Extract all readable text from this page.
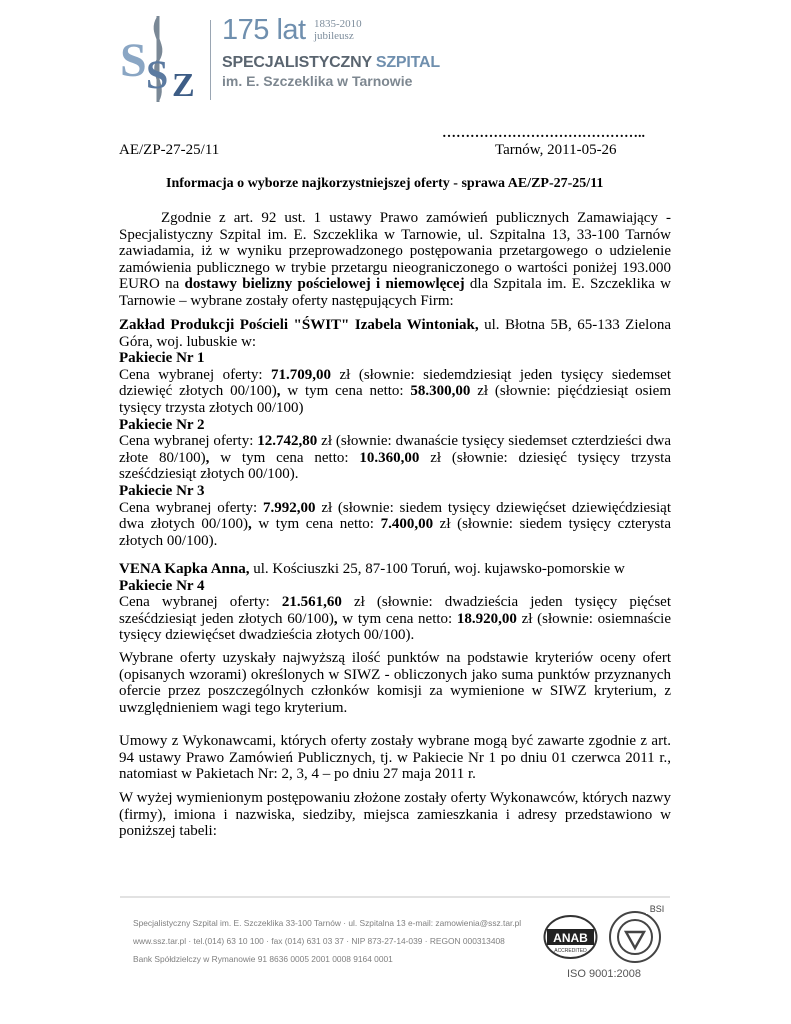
S S Z
175 lat 1835-2010
jubileusz
SPECJALISTYCZNY SZPITAL
im. E. Szczeklika w Tarnowie
……………………………………..
AE/ZP-27-25/11	Tarnów, 2011-05-26
Informacja o wyborze najkorzystniejszej oferty - sprawa AE/ZP-27-25/11
Zgodnie z art. 92 ust. 1 ustawy Prawo zamówień publicznych Zamawiający - Specjalistyczny Szpital im. E. Szczeklika w Tarnowie, ul. Szpitalna 13, 33-100 Tarnów zawiadamia, iż w wyniku przeprowadzonego postępowania przetargowego o udzielenie zamówienia publicznego w trybie przetargu nieograniczonego o wartości poniżej 193.000 EURO na dostawy bielizny pościelowej i niemowlęcej dla Szpitala im. E. Szczeklika w Tarnowie – wybrane zostały oferty następujących Firm:
Zakład Produkcji Pościeli "ŚWIT" Izabela Wintoniak, ul. Błotna 5B, 65-133 Zielona Góra, woj. lubuskie w:
Pakiecie Nr 1
Cena wybranej oferty: 71.709,00 zł (słownie: siedemdziesiąt jeden tysięcy siedemset dziewięć złotych 00/100), w tym cena netto: 58.300,00 zł (słownie: pięćdziesiąt osiem tysięcy trzysta złotych 00/100)
Pakiecie Nr 2
Cena wybranej oferty: 12.742,80 zł (słownie: dwanaście tysięcy siedemset czterdzieści dwa złote 80/100), w tym cena netto: 10.360,00 zł (słownie: dziesięć tysięcy trzysta sześćdziesiąt złotych 00/100).
Pakiecie Nr 3
Cena wybranej oferty: 7.992,00 zł (słownie: siedem tysięcy dziewięćset dziewięćdziesiąt dwa złotych 00/100), w tym cena netto: 7.400,00 zł (słownie: siedem tysięcy czterysta złotych 00/100).
VENA Kapka Anna, ul. Kościuszki 25, 87-100 Toruń, woj. kujawsko-pomorskie w
Pakiecie Nr 4
Cena wybranej oferty: 21.561,60 zł (słownie: dwadzieścia jeden tysięcy pięćset sześćdziesiąt jeden złotych 60/100), w tym cena netto: 18.920,00 zł (słownie: osiemnaście tysięcy dziewięćset dwadzieścia złotych 00/100).
Wybrane oferty uzyskały najwyższą ilość punktów na podstawie kryteriów oceny ofert (opisanych wzorami) określonych w SIWZ - obliczonych jako suma punktów przyznanych ofercie przez poszczególnych członków komisji za wymienione w SIWZ kryterium, z uwzględnieniem wagi tego kryterium.
Umowy z Wykonawcami, których oferty zostały wybrane mogą być zawarte zgodnie z art. 94 ustawy Prawo Zamówień Publicznych, tj. w Pakiecie Nr 1 po dniu 01 czerwca 2011 r., natomiast w Pakietach Nr: 2, 3, 4 – po dniu 27 maja 2011 r.
W wyżej wymienionym postępowaniu złożone zostały oferty Wykonawców, których nazwy (firmy), imiona i nazwiska, siedziby, miejsca zamieszkania i adresy przedstawiono w poniższej tabeli:
Specjalistyczny Szpital im. E. Szczeklika 33-100 Tarnów · ul. Szpitalna 13 e-mail: zamowienia@ssz.tar.pl
www.ssz.tar.pl · tel.(014) 63 10 100 · fax (014) 631 03 37 · NIP 873-27-14-039 · REGON 000313408
Bank Spółdzielczy w Rymanowie 91 8636 0005 2001 0008 9164 0001
ANAB
ACCREDITED
BSI
ISO 9001:2008
